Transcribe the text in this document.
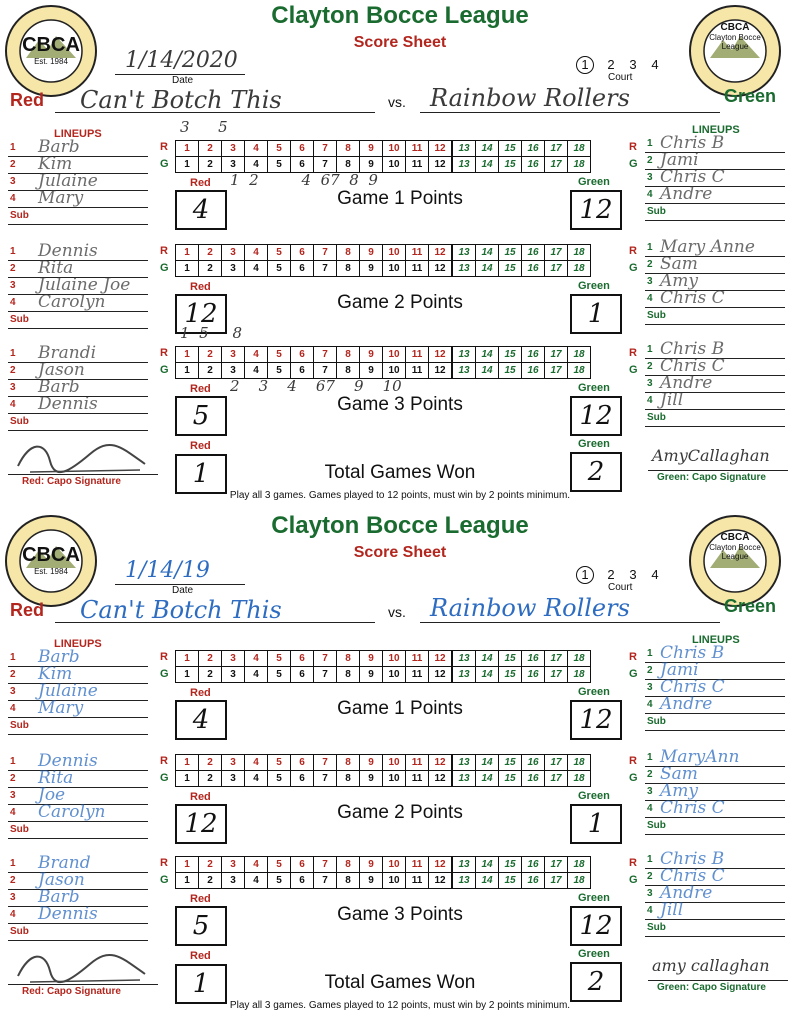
CBCA
Est. 1984
CBCA
Clayton Bocce
League
Clayton Bocce League
Score Sheet
1/14/2020
Date
1 2 3 4
Court
Red Can't Botch This	vs. Rainbow Rollers	Green
LINEUPS	LINEUPS
1 Barb
2 Kim
3 Julaine
4 Mary
Sub
1 Chris B
2 Jami
3 Chris C
4 Andre
Sub
3      5
1  2         4  67  8  9
R
G
R
G
1	2	3	4	5	6	7	8	9	10	11	12	13	14	15	16	17	18
1	2	3	4	5	6	7	8	9	10	11	12	13	14	15	16	17	18
Red	Green
Game 1 Points
4	12
1 Dennis
2 Rita
3 Julaine Joe
4 Carolyn
Sub
1 Mary Anne
2 Sam
3 Amy
4 Chris C
Sub
R
G
R
G
1	2	3	4	5	6	7	8	9	10	11	12	13	14	15	16	17	18
1	2	3	4	5	6	7	8	9	10	11	12	13	14	15	16	17	18
Red	Green
Game 2 Points
12	1
1 Brandi
2 Jason
3 Barb
4 Dennis
Sub
1 Chris B
2 Chris C
3 Andre
4 Jill
Sub
1  5     8
2    3    4    67    9    10
R
G
R
G
1	2	3	4	5	6	7	8	9	10	11	12	13	14	15	16	17	18
1	2	3	4	5	6	7	8	9	10	11	12	13	14	15	16	17	18
Red	Green
Game 3 Points
5	12
Red	Green
Total Games Won
1	2
Red: Capo Signature
AmyCallaghan
Green: Capo Signature
Play all 3 games. Games played to 12 points, must win by 2 points minimum.
CBCA
Est. 1984
CBCA
Clayton Bocce
League
Clayton Bocce League
Score Sheet
1/14/19
Date
1 2 3 4
Court
Red Can't Botch This	vs. Rainbow Rollers	Green
LINEUPS	LINEUPS
1 Barb
2 Kim
3 Julaine
4 Mary
Sub
1 Chris B
2 Jami
3 Chris C
4 Andre
Sub
R
G
R
G
1	2	3	4	5	6	7	8	9	10	11	12	13	14	15	16	17	18
1	2	3	4	5	6	7	8	9	10	11	12	13	14	15	16	17	18
Red	Green
Game 1 Points
4	12
1 Dennis
2 Rita
3 Joe
4 Carolyn
Sub
1 MaryAnn
2 Sam
3 Amy
4 Chris C
Sub
R
G
R
G
1	2	3	4	5	6	7	8	9	10	11	12	13	14	15	16	17	18
1	2	3	4	5	6	7	8	9	10	11	12	13	14	15	16	17	18
Red	Green
Game 2 Points
12	1
1 Brand
2 Jason
3 Barb
4 Dennis
Sub
1 Chris B
2 Chris C
3 Andre
4 Jill
Sub
R
G
R
G
1	2	3	4	5	6	7	8	9	10	11	12	13	14	15	16	17	18
1	2	3	4	5	6	7	8	9	10	11	12	13	14	15	16	17	18
Red	Green
Game 3 Points
5	12
Red	Green
Total Games Won
1	2
Red: Capo Signature
amy callaghan
Green: Capo Signature
Play all 3 games. Games played to 12 points, must win by 2 points minimum.
